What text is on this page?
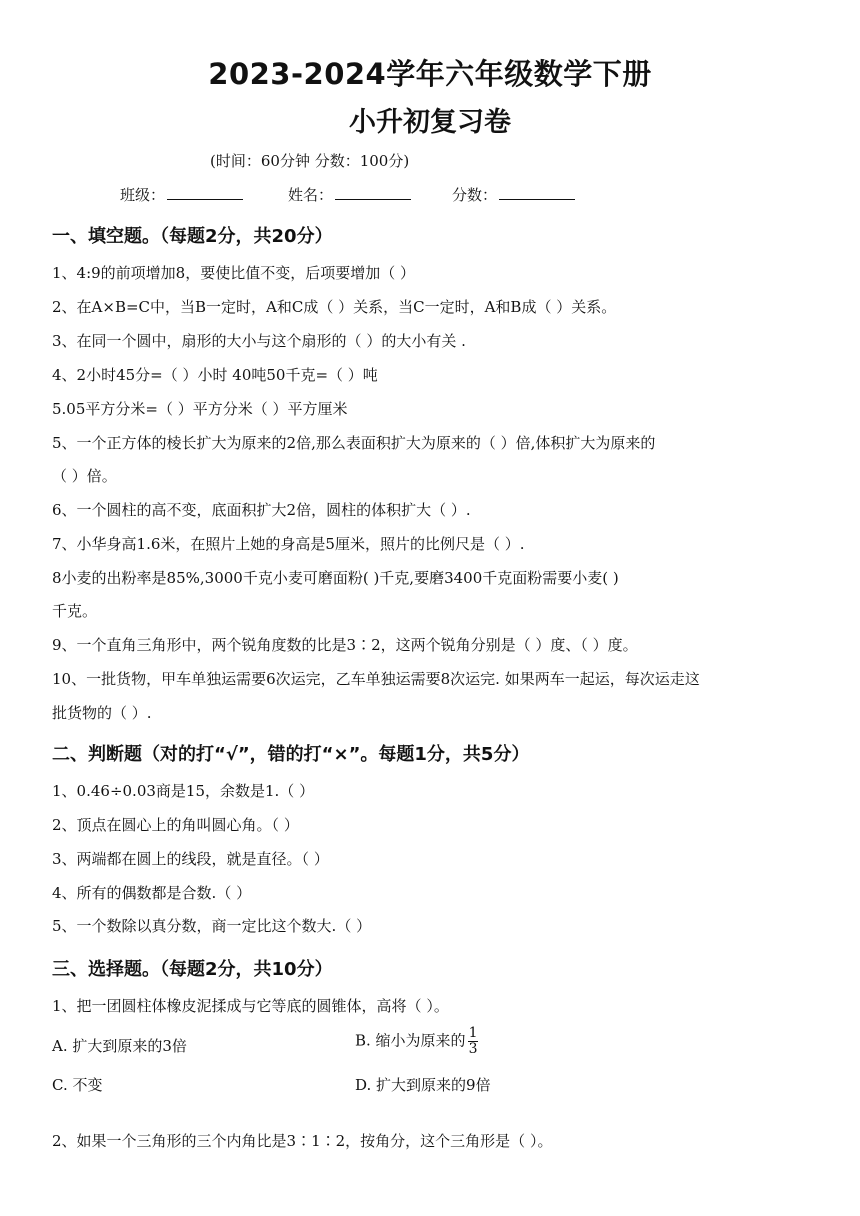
2023-2024学年六年级数学下册
小升初复习卷
(时间：60分钟 分数：100分)
班级：	姓名：	分数：
一、填空题。（每题2分，共20分）
1、4:9的前项增加8，要使比值不变，后项要增加（ ）
2、在A×B=C中，当B一定时，A和C成（ ）关系，当C一定时，A和B成（ ）关系。
3、在同一个圆中，扇形的大小与这个扇形的（ ）的大小有关 .
4、2小时45分=（ ）小时 40吨50千克=（ ）吨
5.05平方分米=（ ）平方分米（ ）平方厘米
5、一个正方体的棱长扩大为原来的2倍,那么表面积扩大为原来的（ ）倍,体积扩大为原来的
（ ）倍。
6、一个圆柱的高不变，底面积扩大2倍，圆柱的体积扩大（ ）.
7、小华身高1.6米，在照片上她的身高是5厘米，照片的比例尺是（ ）.
8小麦的出粉率是85%,3000千克小麦可磨面粉( )千克,要磨3400千克面粉需要小麦( )
千克。
9、一个直角三角形中，两个锐角度数的比是3∶2，这两个锐角分别是（ ）度、（ ）度。
10、一批货物，甲车单独运需要6次运完，乙车单独运需要8次运完. 如果两车一起运，每次运走这
批货物的（ ）.
二、判断题（对的打“√”，错的打“×”。每题1分，共5分）
1、0.46÷0.03商是15，余数是1.（ ）
2、顶点在圆心上的角叫圆心角。（ ）
3、两端都在圆上的线段，就是直径。（ ）
4、所有的偶数都是合数.（ ）
5、一个数除以真分数，商一定比这个数大.（ ）
三、选择题。（每题2分，共10分）
1、把一团圆柱体橡皮泥揉成与它等底的圆锥体，高将（ ）。
A. 扩大到原来的3倍	B. 缩小为原来的 $\frac{1}{3}$
C. 不变	D. 扩大到原来的9倍
2、如果一个三角形的三个内角比是3∶1∶2，按角分，这个三角形是（ ）。
